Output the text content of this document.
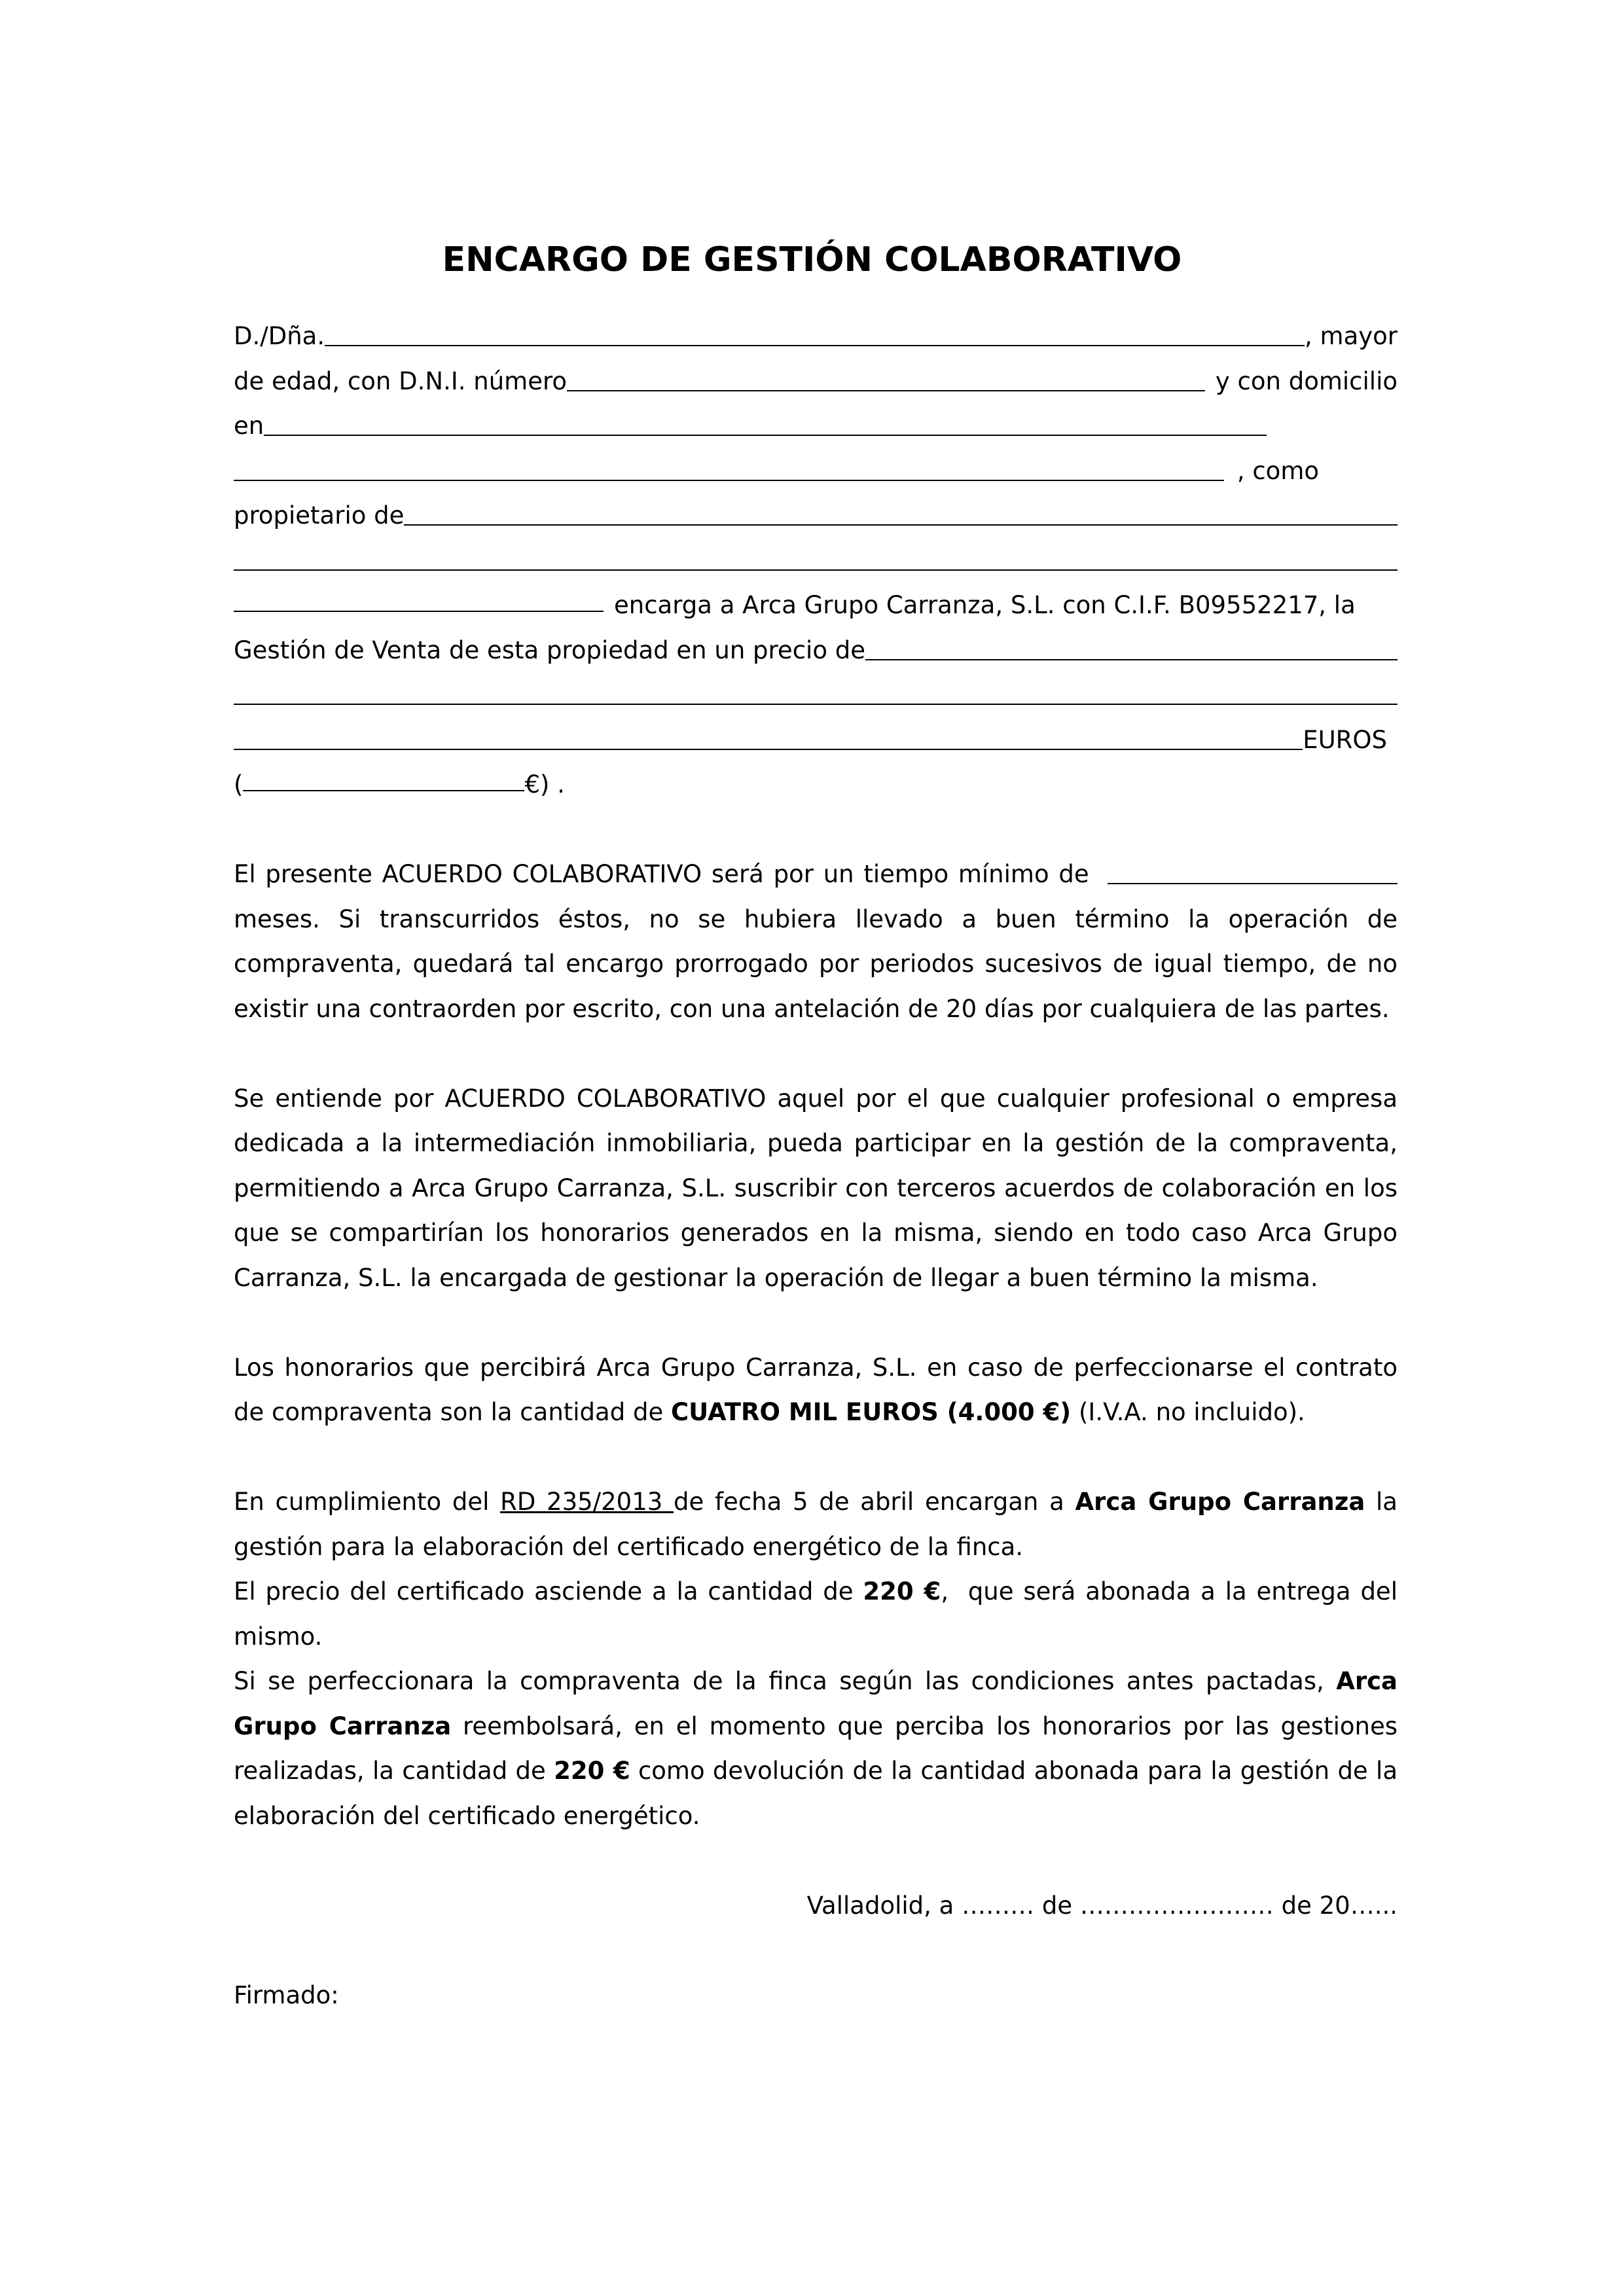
ENCARGO DE GESTIÓN COLABORATIVO
D./Dña.	, mayor
de edad, con D.N.I. número	y con domicilio
en
, como
propietario de
encarga a Arca Grupo Carranza, S.L. con C.I.F. B09552217, la
Gestión de Venta de esta propiedad en un precio de
EUROS
(	€) .
El presente ACUERDO COLABORATIVO será por un tiempo mínimo de

meses. Si transcurridos éstos, no se hubiera llevado a buen término la operación de compraventa, quedará tal encargo prorrogado por periodos sucesivos de igual tiempo, de no existir una contraorden por escrito, con una antelación de 20 días por cualquiera de las partes.

Se entiende por ACUERDO COLABORATIVO aquel por el que cualquier profesional o empresa dedicada a la intermediación inmobiliaria, pueda participar en la gestión de la compraventa, permitiendo a Arca Grupo Carranza, S.L. suscribir con terceros acuerdos de colaboración en los que se compartirían los honorarios generados en la misma, siendo en todo caso Arca Grupo Carranza, S.L. la encargada de gestionar la operación de llegar a buen término la misma.

Los honorarios que percibirá Arca Grupo Carranza, S.L. en caso de perfeccionarse el contrato de compraventa son la cantidad de CUATRO MIL EUROS (4.000 €) (I.V.A. no incluido).

En cumplimiento del RD 235/2013 de fecha 5 de abril encargan a Arca Grupo Carranza la gestión para la elaboración del certificado energético de la finca.

El precio del certificado asciende a la cantidad de 220 €,  que será abonada a la entrega del mismo.

Si se perfeccionara la compraventa de la finca según las condiciones antes pactadas, Arca Grupo Carranza reembolsará, en el momento que perciba los honorarios por las gestiones realizadas, la cantidad de 220 € como devolución de la cantidad abonada para la gestión de la elaboración del certificado energético.

Valladolid, a ……… de …………………… de 20…...

Firmado:
